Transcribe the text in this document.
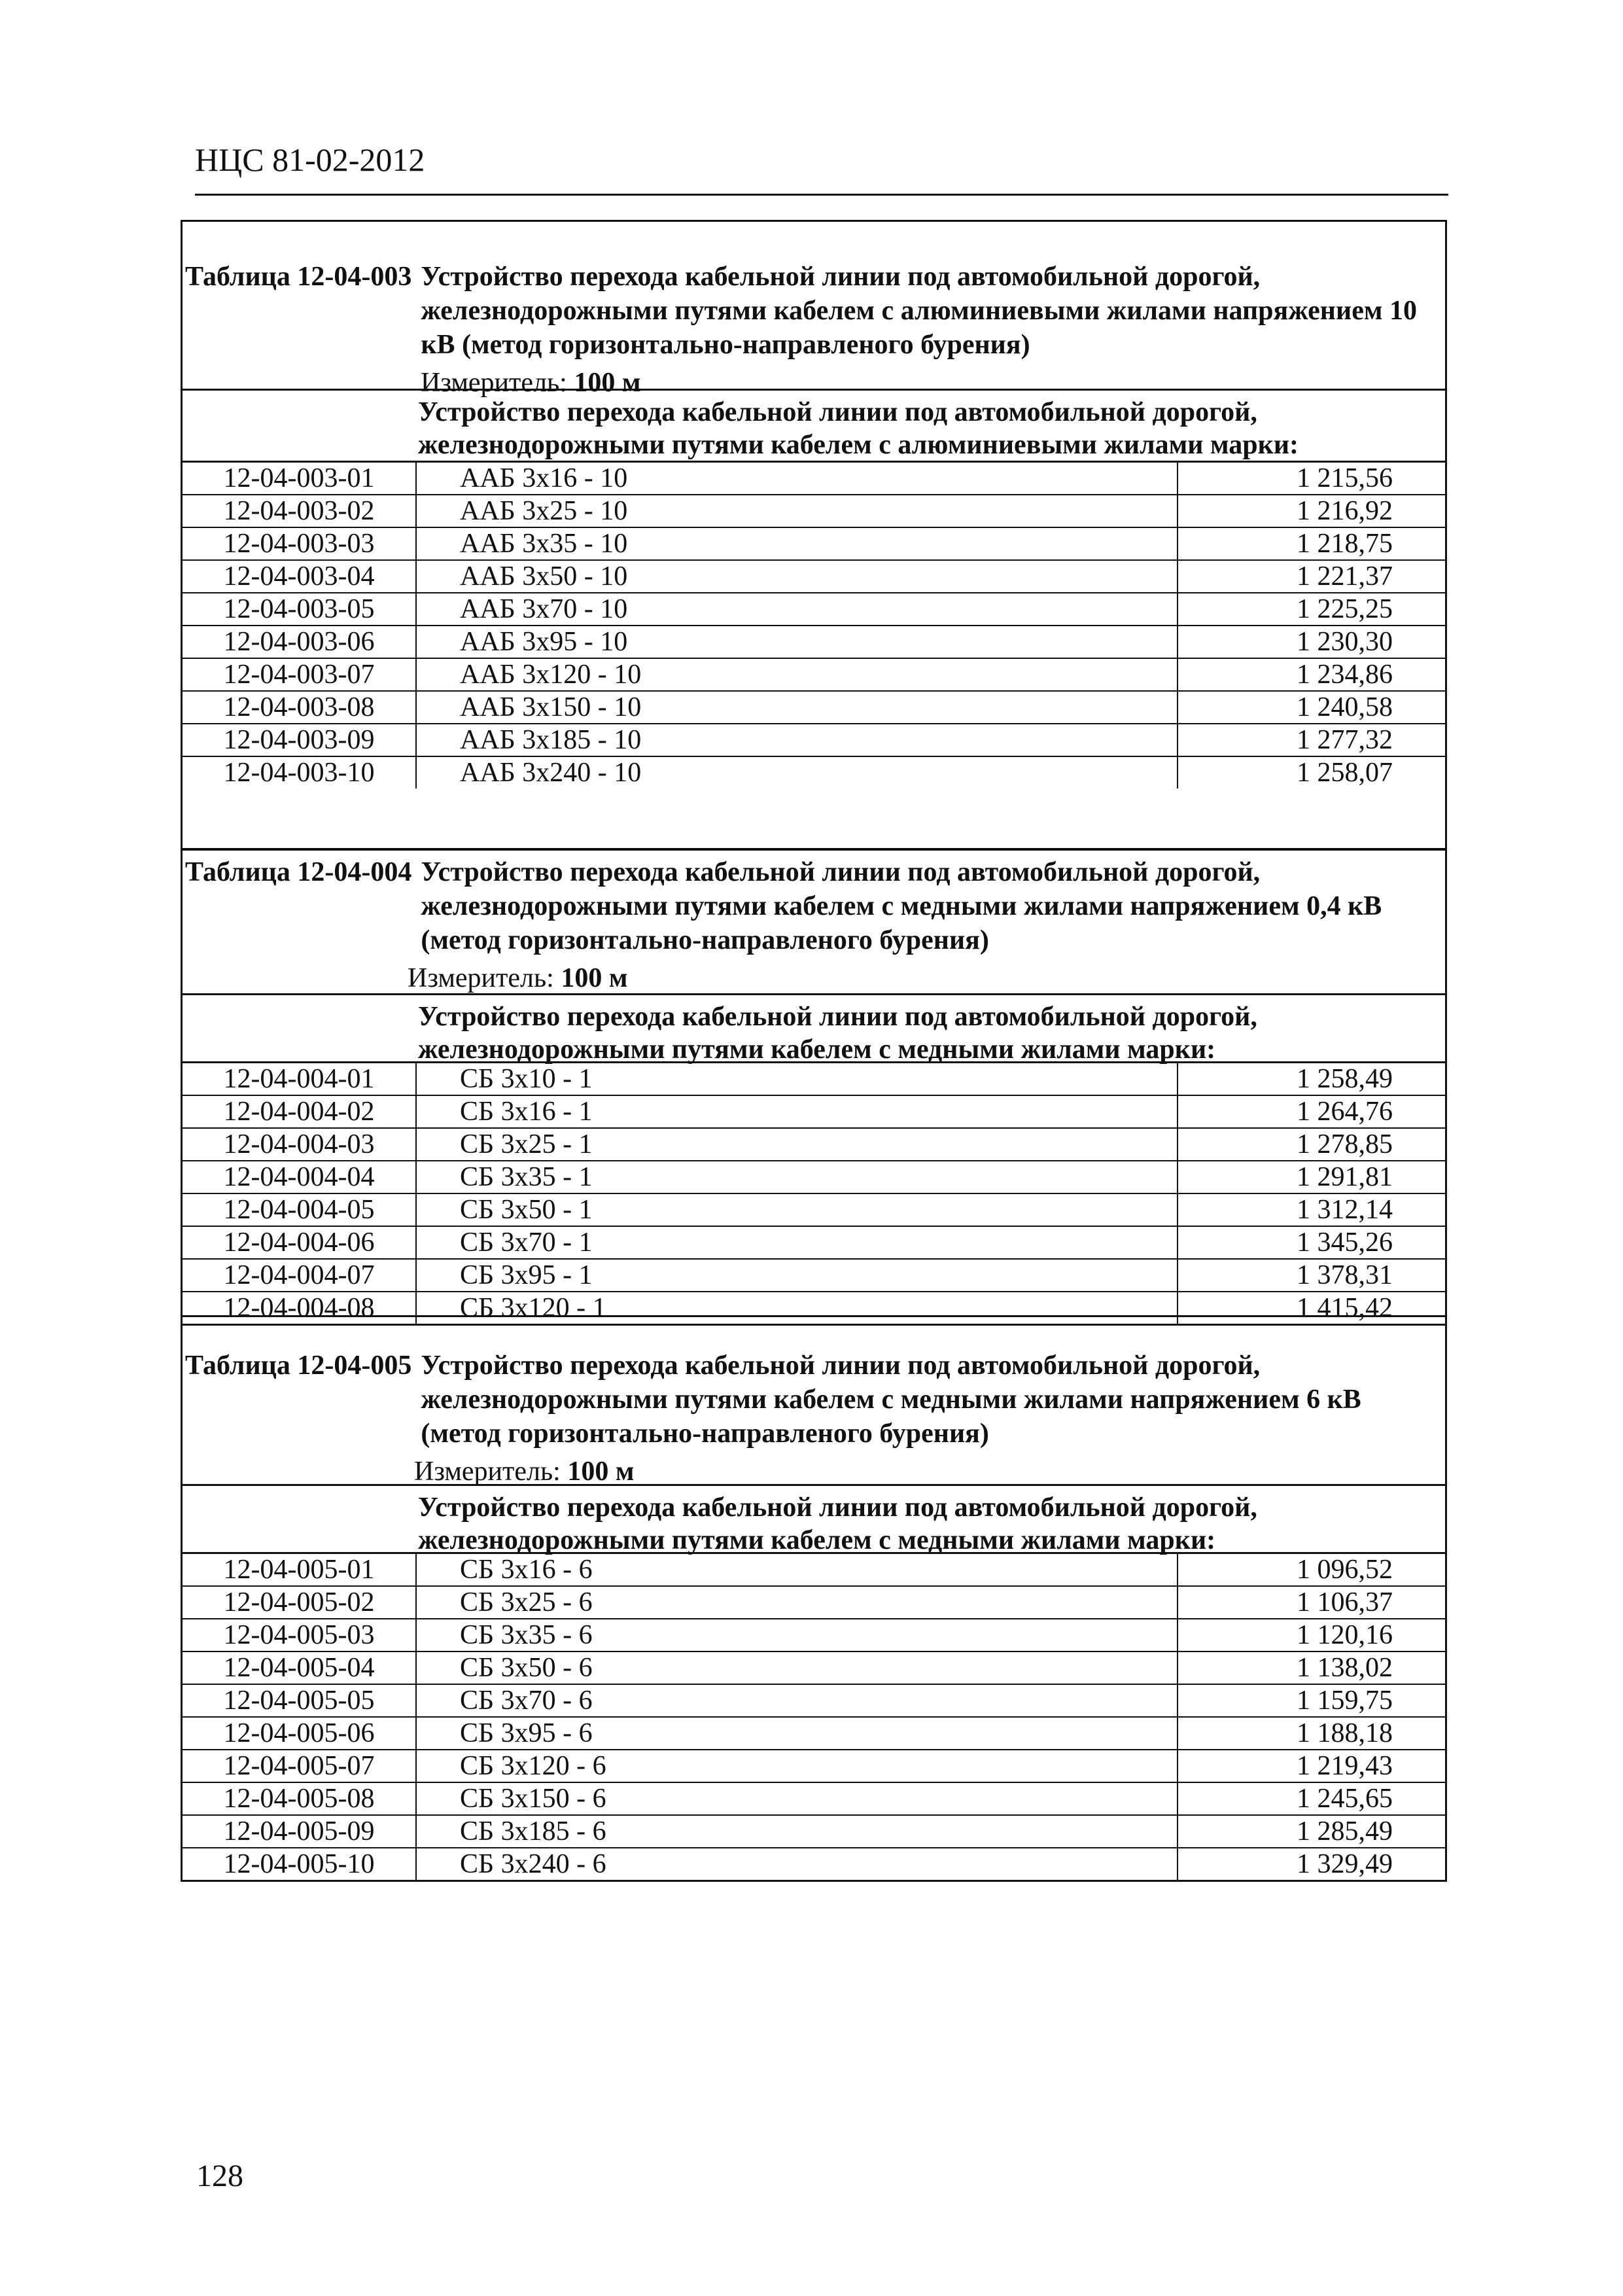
НЦС 81-02-2012
Таблица 12-04-003 Устройство перехода кабельной линии под автомобильной дорогой, железнодорожными путями кабелем с алюминиевыми жилами напряжением 10 кВ (метод горизонтально-направленого бурения)
Измеритель: 100 м
Устройство перехода кабельной линии под автомобильной дорогой, железнодорожными путями кабелем с алюминиевыми жилами марки:
12-04-003-01	ААБ 3х16 - 10	1 215,56
12-04-003-02	ААБ 3х25 - 10	1 216,92
12-04-003-03	ААБ 3х35 - 10	1 218,75
12-04-003-04	ААБ 3х50 - 10	1 221,37
12-04-003-05	ААБ 3х70 - 10	1 225,25
12-04-003-06	ААБ 3х95 - 10	1 230,30
12-04-003-07	ААБ 3х120 - 10	1 234,86
12-04-003-08	ААБ 3х150 - 10	1 240,58
12-04-003-09	ААБ 3х185 - 10	1 277,32
12-04-003-10	ААБ 3х240 - 10	1 258,07
Таблица 12-04-004 Устройство перехода кабельной линии под автомобильной дорогой, железнодорожными путями кабелем с медными жилами напряжением 0,4 кВ (метод горизонтально-направленого бурения)
Измеритель: 100 м
Устройство перехода кабельной линии под автомобильной дорогой, железнодорожными путями кабелем с медными жилами марки:
12-04-004-01	СБ 3х10 - 1	1 258,49
12-04-004-02	СБ 3х16 - 1	1 264,76
12-04-004-03	СБ 3х25 - 1	1 278,85
12-04-004-04	СБ 3х35 - 1	1 291,81
12-04-004-05	СБ 3х50 - 1	1 312,14
12-04-004-06	СБ 3х70 - 1	1 345,26
12-04-004-07	СБ 3х95 - 1	1 378,31
12-04-004-08	СБ 3х120 - 1	1 415,42
Таблица 12-04-005 Устройство перехода кабельной линии под автомобильной дорогой, железнодорожными путями кабелем с медными жилами напряжением 6 кВ (метод горизонтально-направленого бурения)
Измеритель: 100 м
Устройство перехода кабельной линии под автомобильной дорогой, железнодорожными путями кабелем с медными жилами марки:
12-04-005-01	СБ 3х16 - 6	1 096,52
12-04-005-02	СБ 3х25 - 6	1 106,37
12-04-005-03	СБ 3х35 - 6	1 120,16
12-04-005-04	СБ 3х50 - 6	1 138,02
12-04-005-05	СБ 3х70 - 6	1 159,75
12-04-005-06	СБ 3х95 - 6	1 188,18
12-04-005-07	СБ 3х120 - 6	1 219,43
12-04-005-08	СБ 3х150 - 6	1 245,65
12-04-005-09	СБ 3х185 - 6	1 285,49
12-04-005-10	СБ 3х240 - 6	1 329,49
128
